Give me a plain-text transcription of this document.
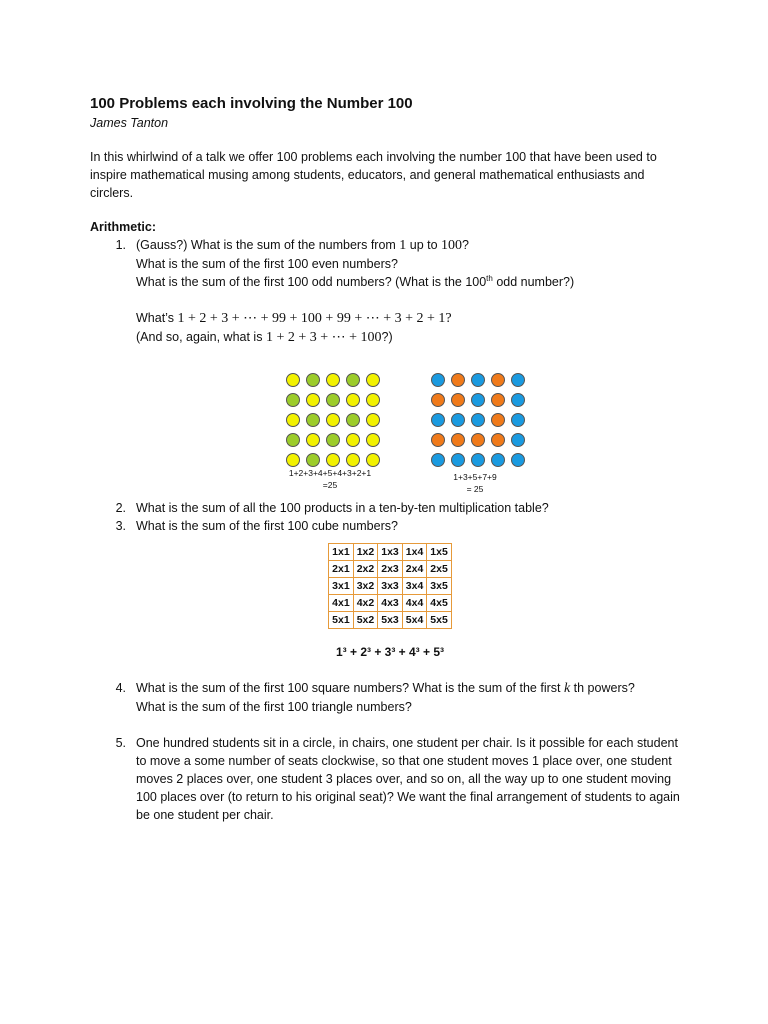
100 Problems each involving the Number 100

James Tanton

In this whirlwind of a talk we offer 100 problems each involving the number 100 that have been used to inspire mathematical musing among students, educators, and general mathematical enthusiasts and circlers.

Arithmetic:

1. (Gauss?) What is the sum of the numbers from 1 up to 100?

What is the sum of the first 100 even numbers?

What is the sum of the first 100 odd numbers? (What is the 100th odd number?)

What’s 1 + 2 + 3 + ⋯ + 99 + 100 + 99 + ⋯ + 3 + 2 + 1?

(And so, again, what is 1 + 2 + 3 + ⋯ + 100?)

1+2+3+4+5+4+3+2+1
=25
1+3+5+7+9
= 25
2. What is the sum of all the 100 products in a ten-by-ten multiplication table?

3. What is the sum of the first 100 cube numbers?

1x1	1x2	1x3	1x4	1x5
2x1	2x2	2x3	2x4	2x5
3x1	3x2	3x3	3x4	3x5
4x1	4x2	4x3	4x4	4x5
5x1	5x2	5x3	5x4	5x5
1³ + 2³ + 3³ + 4³ + 5³
4. What is the sum of the first 100 square numbers? What is the sum of the first k th powers?

What is the sum of the first 100 triangle numbers?

5. One hundred students sit in a circle, in chairs, one student per chair. Is it possible for each student to move a some number of seats clockwise, so that one student moves 1 place over, one student moves 2 places over, one student 3 places over, and so on, all the way up to one student moving 100 places over (to return to his original seat)? We want the final arrangement of students to again be one student per chair.
